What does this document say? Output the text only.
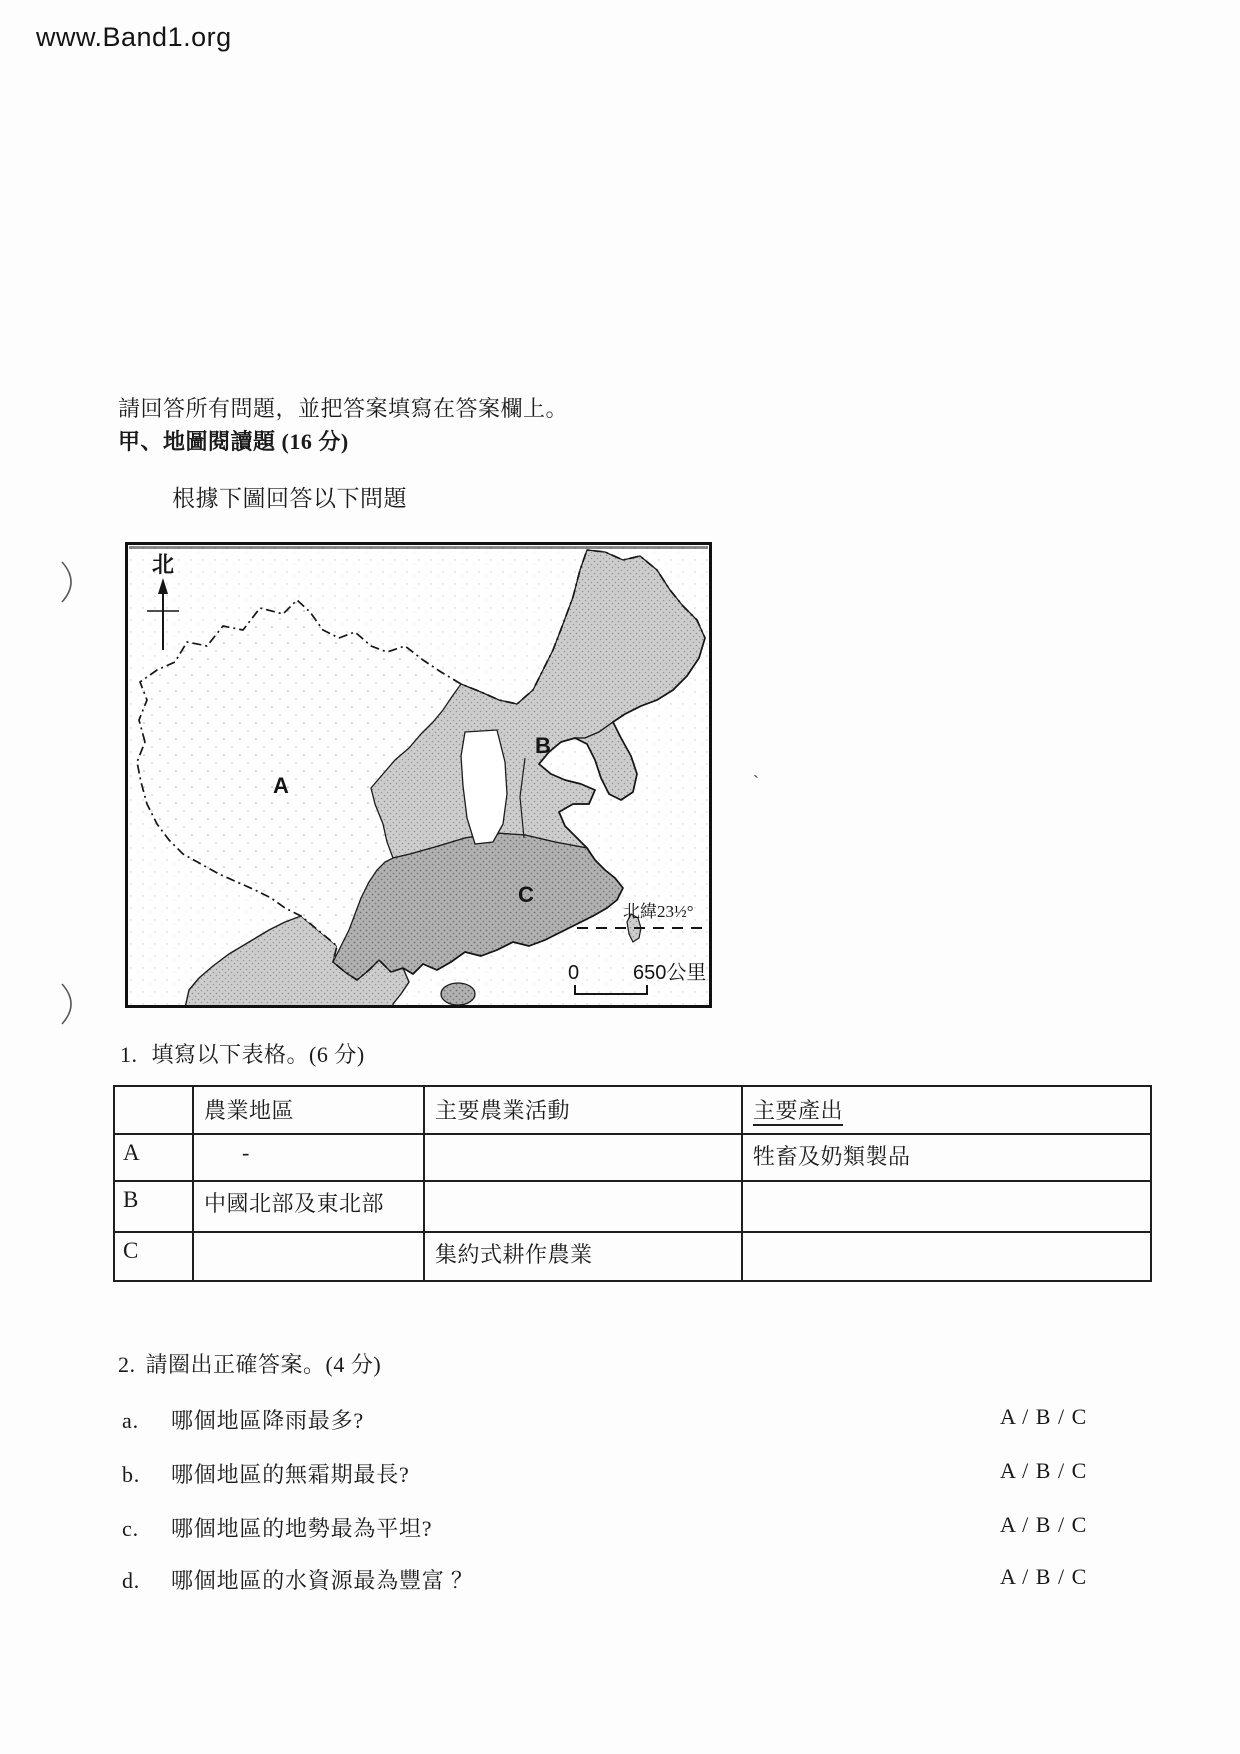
www.Band1.org
ˏ
請回答所有問題，並把答案填寫在答案欄上。
甲、地圖閱讀題 (16 分)
根據下圖回答以下問題
北緯23½°
0	650公里
北
A
B
C
1. 填寫以下表格。(6 分)
	農業地區	主要農業活動	主要產出
A	-		牲畜及奶類製品
B	中國北部及東北部		
C		集約式耕作農業	
2. 請圈出正確答案。(4 分)
a. 哪個地區降雨最多?	A / B / C
b. 哪個地區的無霜期最長?	A / B / C
c. 哪個地區的地勢最為平坦?	A / B / C
d. 哪個地區的水資源最為豐富 ？	A / B / C
